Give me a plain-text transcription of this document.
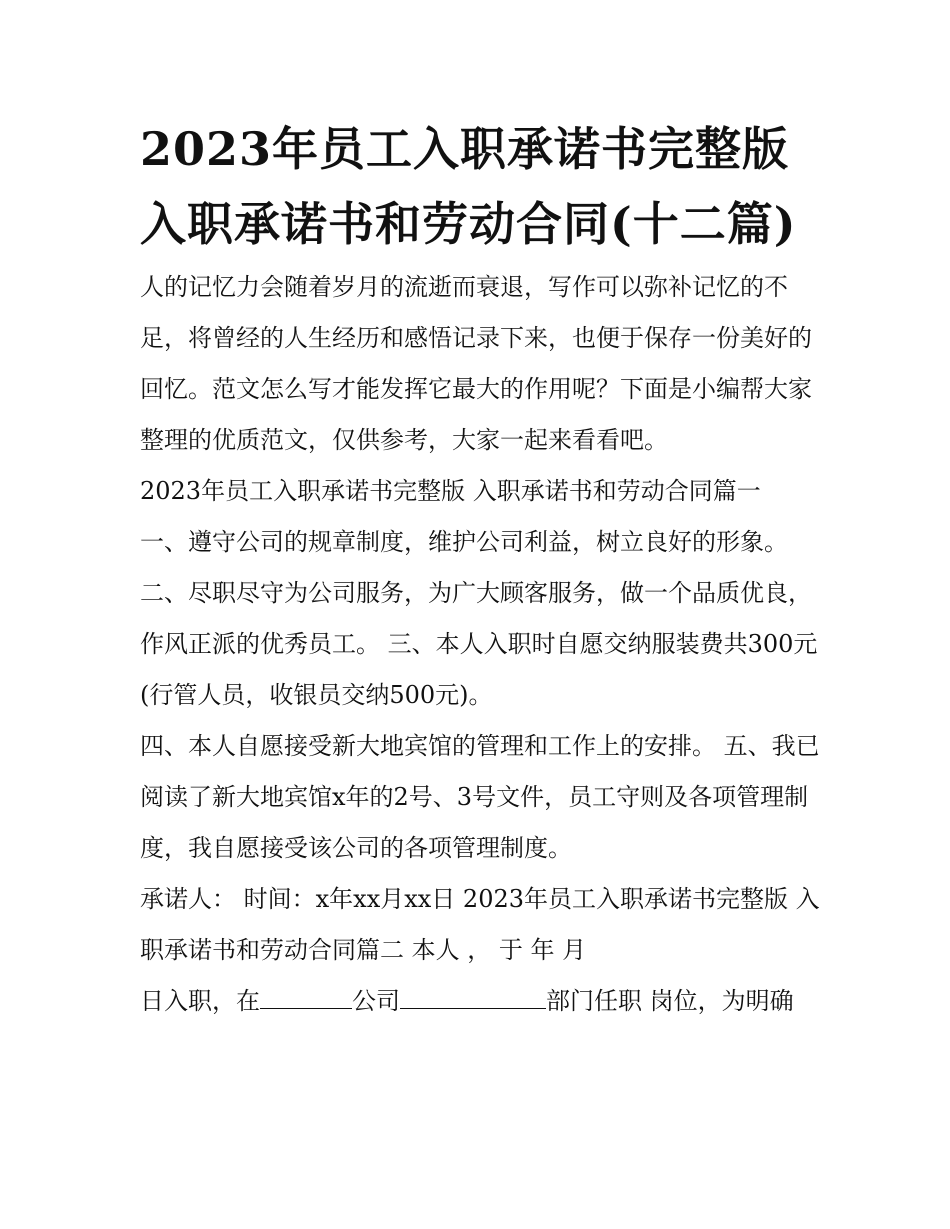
2023年员工入职承诺书完整版 入职承诺书和劳动合同(十二篇)

人的记忆力会随着岁月的流逝而衰退，写作可以弥补记忆的不足，将曾经的人生经历和感悟记录下来，也便于保存一份美好的回忆。范文怎么写才能发挥它最大的作用呢？下面是小编帮大家整理的优质范文，仅供参考，大家一起来看看吧。

2023年员工入职承诺书完整版 入职承诺书和劳动合同篇一

一、遵守公司的规章制度，维护公司利益，树立良好的形象。

二、尽职尽守为公司服务，为广大顾客服务，做一个品质优良，作风正派的优秀员工。 三、本人入职时自愿交纳服装费共300元(行管人员，收银员交纳500元)。

四、本人自愿接受新大地宾馆的管理和工作上的安排。 五、我已阅读了新大地宾馆x年的2号、3号文件，员工守则及各项管理制度，我自愿接受该公司的各项管理制度。

承诺人： 时间：x年xx月xx日 2023年员工入职承诺书完整版 入职承诺书和劳动合同篇二 本人 ， 于 年 月

日入职，在	公司	部门任职 岗位，为明确
